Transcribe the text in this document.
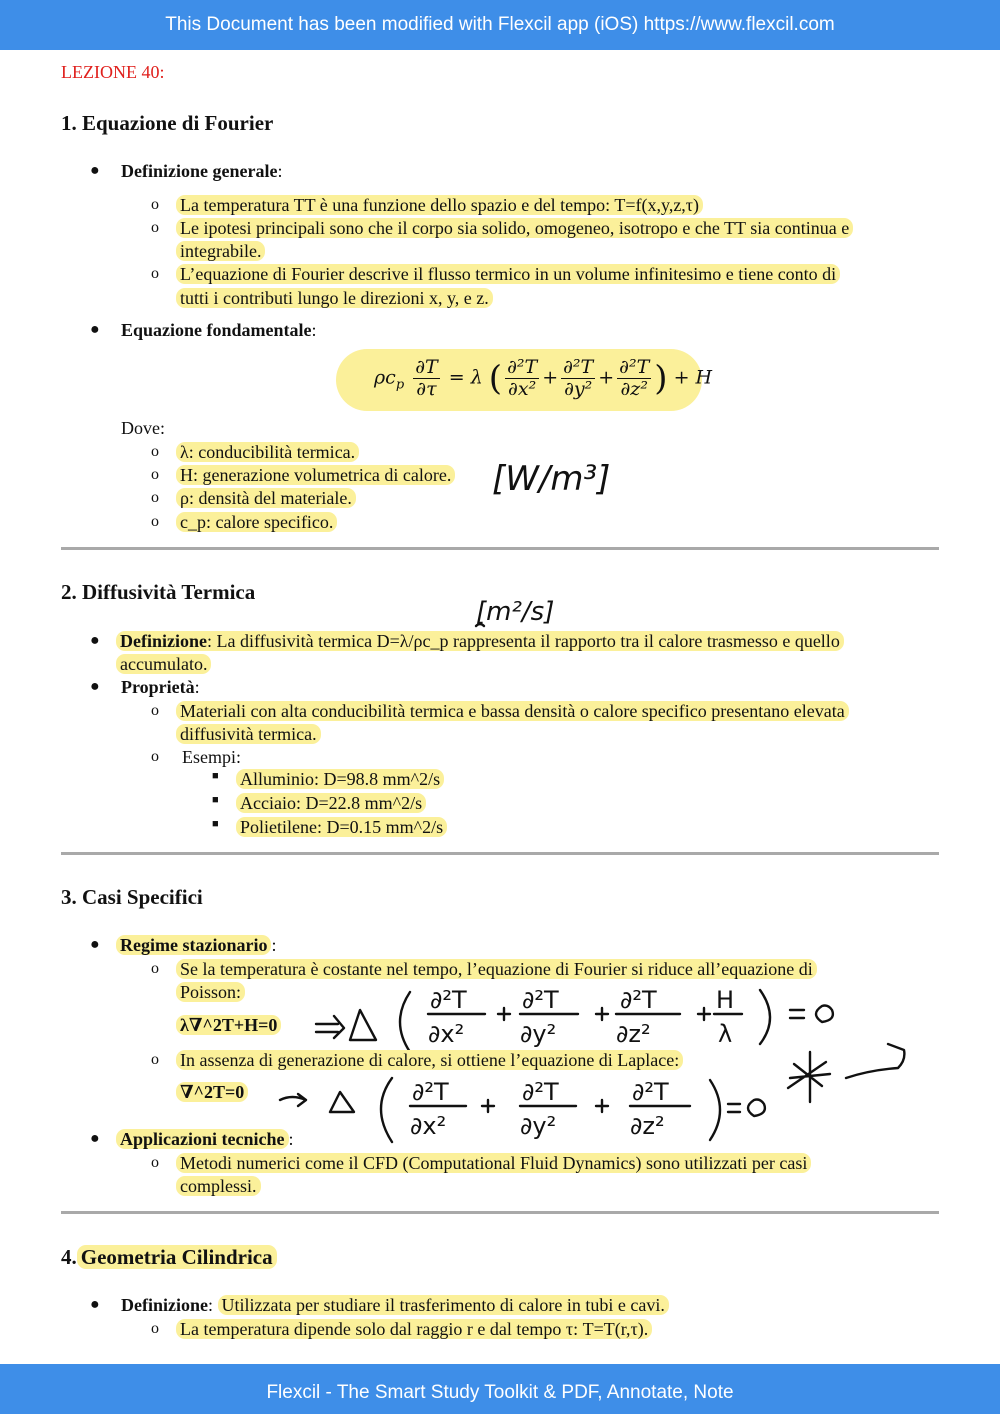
This Document has been modified with Flexcil app (iOS) https://www.flexcil.com
LEZIONE 40:
1. Equazione di Fourier
● Definizione generale:
o La temperatura TT è una funzione dello spazio e del tempo: T=f(x,y,z,τ)
o Le ipotesi principali sono che il corpo sia solido, omogeneo, isotropo e che TT sia continua e
integrabile.
o L’equazione di Fourier descrive il flusso termico in un volume infinitesimo e tiene conto di
tutti i contributi lungo le direzioni x, y, e z.
● Equazione fondamentale:
$\rho c_p \frac{\partial T}{\partial\tau} = \lambda$ ( $\frac{\text{∂²T}}{\text{∂x²}} + \frac{\text{∂²T}}{\text{∂y²}} + \frac{\text{∂²T}}{\text{∂z²}}$ ) + H
Dove:
o λ: conducibilità termica.
o H: generazione volumetrica di calore.
o ρ: densità del materiale.
o c_p: calore specifico.
[W/m³]
2. Diffusività Termica
[m²/s]
● Definizione: La diffusività termica D=λ/ρc_p rappresenta il rapporto tra il calore trasmesso e quello
accumulato.
● Proprietà:
o Materiali con alta conducibilità termica e bassa densità o calore specifico presentano elevata
diffusività termica.
o Esempi:
■ Alluminio: D=98.8 mm^2/s
■ Acciaio: D=22.8 mm^2/s
■ Polietilene: D=0.15 mm^2/s
3. Casi Specifici
● Regime stazionario :
o Se la temperatura è costante nel tempo, l’equazione di Fourier si riduce all’equazione di
Poisson:
λ∇^2T+H=0
∂²T
∂x²
∂²T
∂y²
∂²T
∂z²
H
λ
o In assenza di generazione di calore, si ottiene l’equazione di Laplace:
∇^2T=0	∂²T
∂x²
∂²T
∂y²
∂²T
∂z²
● Applicazioni tecniche :
o Metodi numerici come il CFD (Computational Fluid Dynamics) sono utilizzati per casi
complessi.
4. Geometria Cilindrica
● Definizione: Utilizzata per studiare il trasferimento di calore in tubi e cavi.
o La temperatura dipende solo dal raggio r e dal tempo τ: T=T(r,τ).
Flexcil - The Smart Study Toolkit & PDF, Annotate, Note
